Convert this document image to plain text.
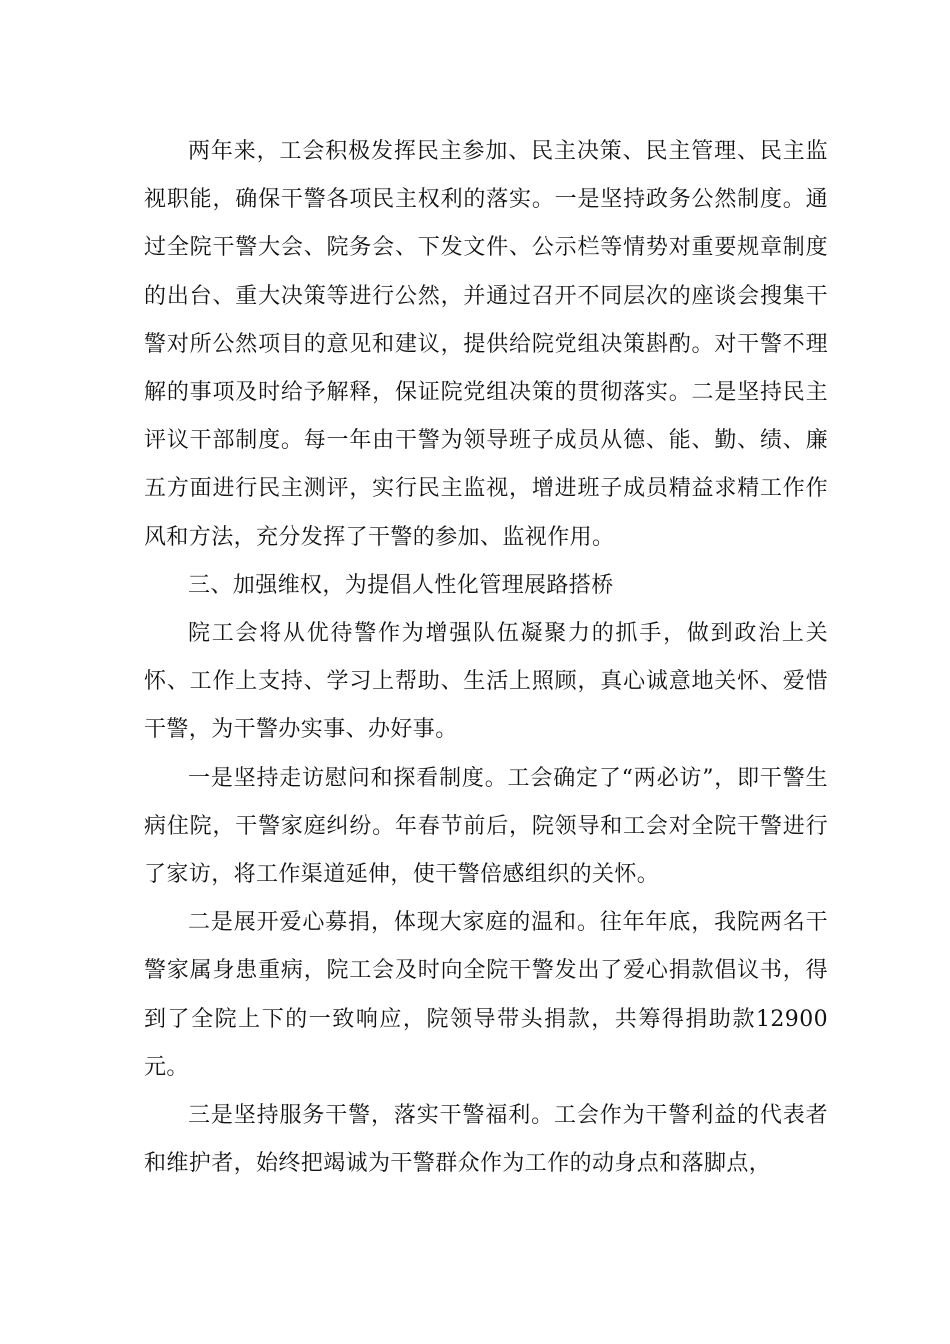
两年来，工会积极发挥民主参加、民主决策、民主管理、民主监视职能，确保干警各项民主权利的落实。一是坚持政务公然制度。通过全院干警大会、院务会、下发文件、公示栏等情势对重要规章制度的出台、重大决策等进行公然，并通过召开不同层次的座谈会搜集干警对所公然项目的意见和建议，提供给院党组决策斟酌。对干警不理解的事项及时给予解释，保证院党组决策的贯彻落实。二是坚持民主评议干部制度。每一年由干警为领导班子成员从德、能、勤、绩、廉五方面进行民主测评，实行民主监视，增进班子成员精益求精工作作风和方法，充分发挥了干警的参加、监视作用。

三、加强维权，为提倡人性化管理展路搭桥

院工会将从优待警作为增强队伍凝聚力的抓手，做到政治上关怀、工作上支持、学习上帮助、生活上照顾，真心诚意地关怀、爱惜干警，为干警办实事、办好事。

一是坚持走访慰问和探看制度。工会确定了“两必访”，即干警生病住院，干警家庭纠纷。年春节前后，院领导和工会对全院干警进行了家访，将工作渠道延伸，使干警倍感组织的关怀。

二是展开爱心募捐，体现大家庭的温和。往年年底，我院两名干警家属身患重病，院工会及时向全院干警发出了爱心捐款倡议书，得到了全院上下的一致响应，院领导带头捐款，共筹得捐助款12900元。

三是坚持服务干警，落实干警福利。工会作为干警利益的代表者和维护者，始终把竭诚为干警群众作为工作的动身点和落脚点，
